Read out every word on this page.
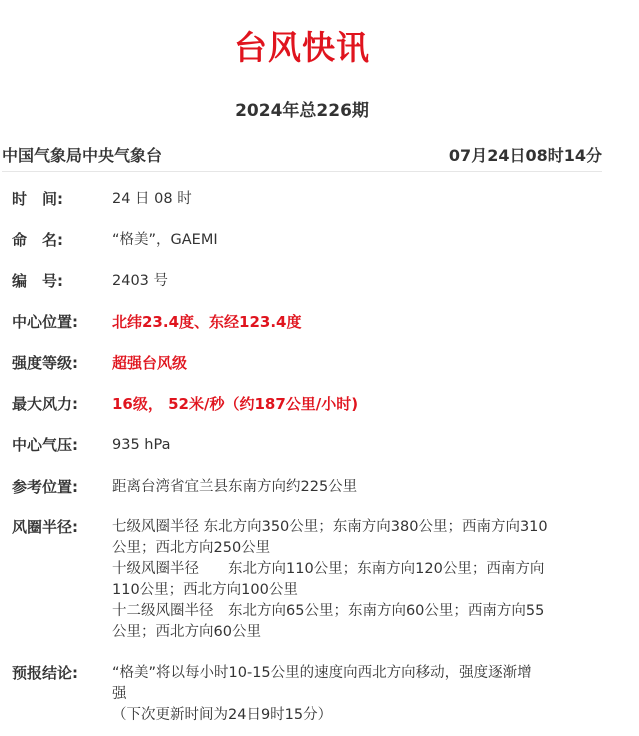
台风快讯
2024年总226期
中国气象局中央气象台	07月24日08时14分
时　间:	24 日 08 时
命　名:	“格美”，GAEMI
编　号:	2403 号
中心位置:	北纬23.4度、东经123.4度
强度等级:	超强台风级
最大风力:	16级， 52米/秒（约187公里/小时)
中心气压:	935 hPa
参考位置:	距离台湾省宜兰县东南方向约225公里
风圈半径:	七级风圈半径 东北方向350公里；东南方向380公里；西南方向310
公里；西北方向250公里
十级风圈半径　　东北方向110公里；东南方向120公里；西南方向
110公里；西北方向100公里
十二级风圈半径　东北方向65公里；东南方向60公里；西南方向55
公里；西北方向60公里
预报结论:	“格美”将以每小时10-15公里的速度向西北方向移动，强度逐渐增
强
（下次更新时间为24日9时15分）
